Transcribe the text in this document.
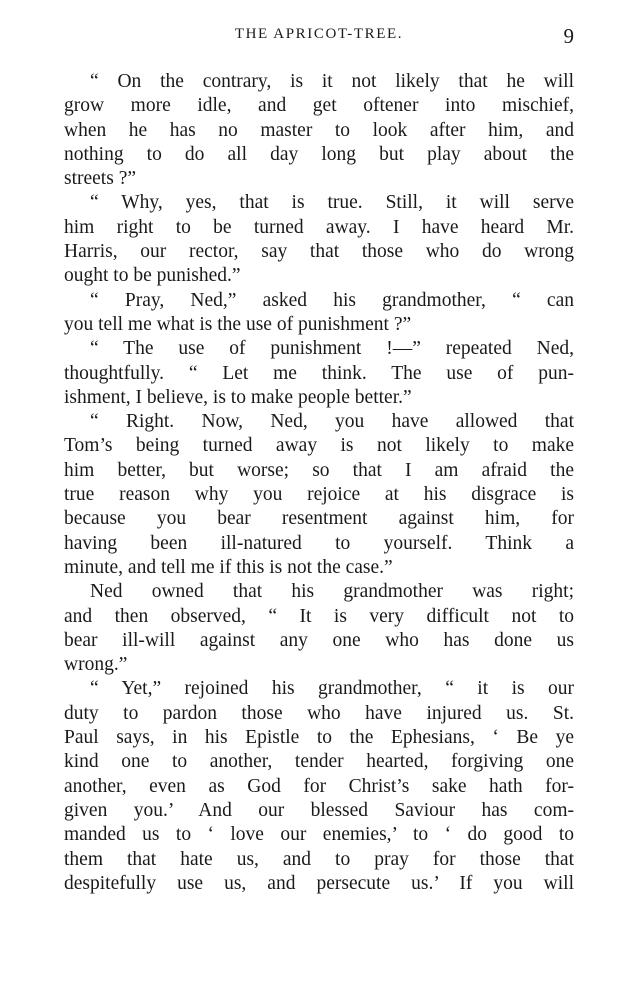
THE APRICOT-TREE.	9
“ On the contrary, is it not likely that he will
grow more idle, and get oftener into mischief,
when he has no master to look after him, and
nothing to do all day long but play about the
streets ?”
“ Why, yes, that is true. Still, it will serve
him right to be turned away. I have heard Mr.
Harris, our rector, say that those who do wrong
ought to be punished.”
“ Pray, Ned,” asked his grandmother, “ can
you tell me what is the use of punishment ?”
“ The use of punishment !—” repeated Ned,
thoughtfully. “ Let me think. The use of pun-
ishment, I believe, is to make people better.”
“ Right. Now, Ned, you have allowed that
Tom’s being turned away is not likely to make
him better, but worse; so that I am afraid the
true reason why you rejoice at his disgrace is
because you bear resentment against him, for
having been ill-natured to yourself. Think a
minute, and tell me if this is not the case.”
Ned owned that his grandmother was right;
and then observed, “ It is very difficult not to
bear ill-will against any one who has done us
wrong.”
“ Yet,” rejoined his grandmother, “ it is our
duty to pardon those who have injured us. St.
Paul says, in his Epistle to the Ephesians, ‘ Be ye
kind one to another, tender hearted, forgiving one
another, even as God for Christ’s sake hath for-
given you.’ And our blessed Saviour has com-
manded us to ‘ love our enemies,’ to ‘ do good to
them that hate us, and to pray for those that
despitefully use us, and persecute us.’ If you will
